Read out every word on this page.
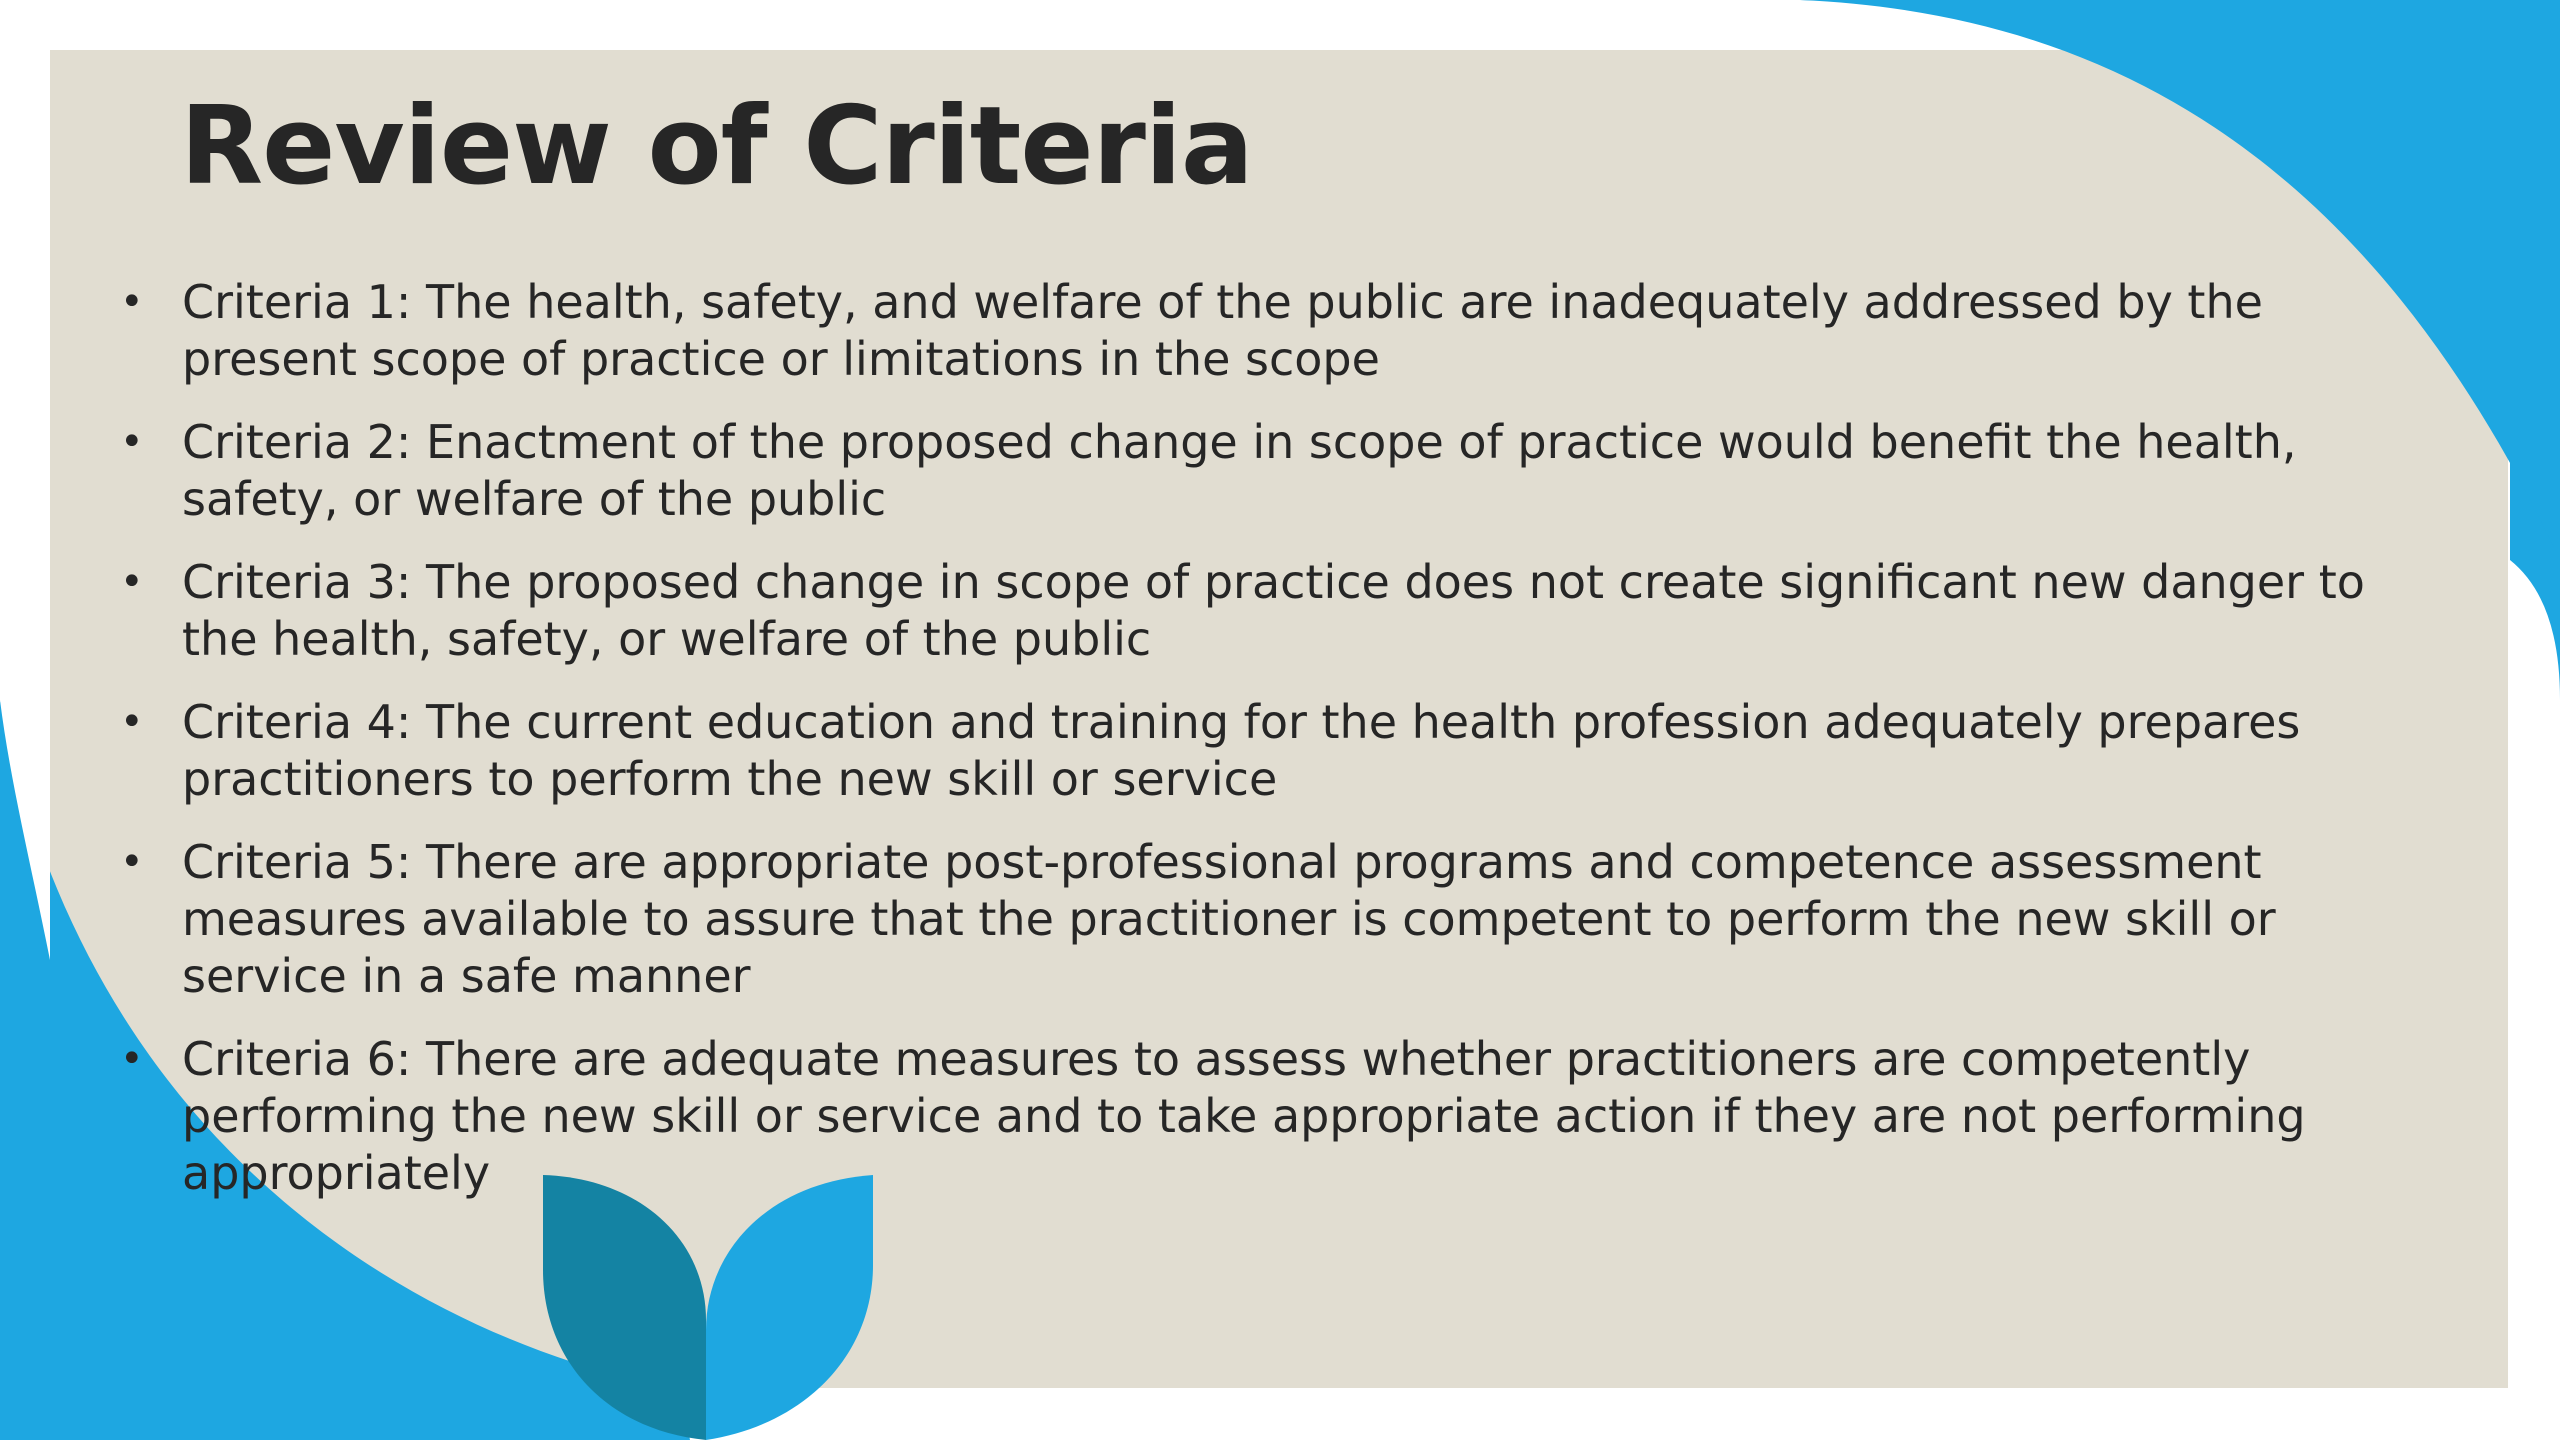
Review of Criteria
• Criteria 1: The health, safety, and welfare of the public are inadequately addressed by the present scope of practice or limitations in the scope
• Criteria 2: Enactment of the proposed change in scope of practice would benefit the health, safety, or welfare of the public
• Criteria 3: The proposed change in scope of practice does not create significant new danger to the health, safety, or welfare of the public
• Criteria 4: The current education and training for the health profession adequately prepares practitioners to perform the new skill or service
• Criteria 5: There are appropriate post-professional programs and competence assessment measures available to assure that the practitioner is competent to perform the new skill or service in a safe manner
• Criteria 6: There are adequate measures to assess whether practitioners are competently performing the new skill or service and to take appropriate action if they are not performing appropriately
